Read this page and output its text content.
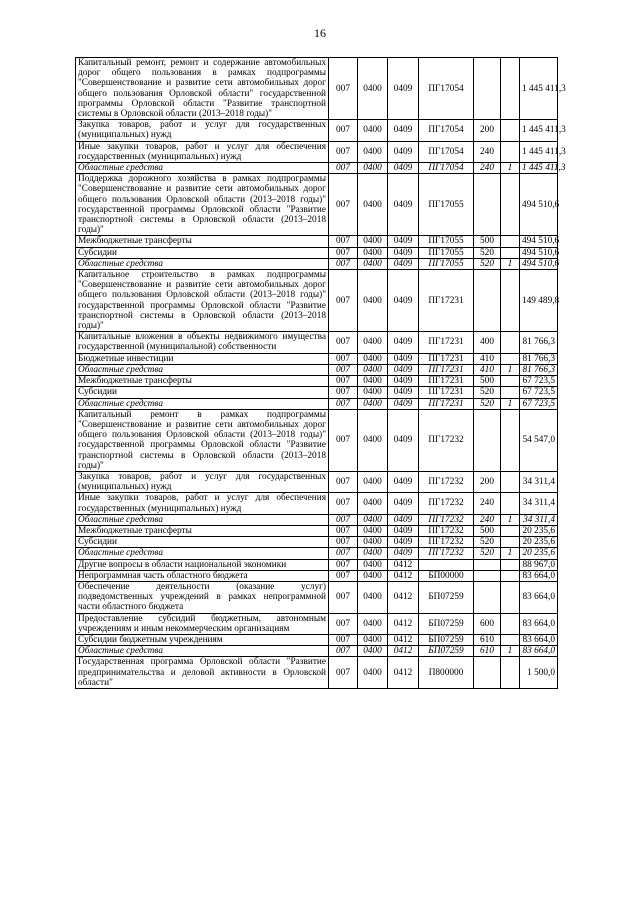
16
Капитальный ремонт, ремонт и содержание автомобильных дорог общего пользования в рамках подпрограммы "Совершенствование и развитие сети автомобильных дорог общего пользования Орловской области" государственной программы Орловской области "Развитие транспортной системы в Орловской области (2013–2018 годы)"	007	0400	0409	ПГ17054			1 445 411,3
Закупка товаров, работ и услуг для государственных (муниципальных) нужд	007	0400	0409	ПГ17054	200		1 445 411,3
Иные закупки товаров, работ и услуг для обеспечения государственных (муниципальных) нужд	007	0400	0409	ПГ17054	240		1 445 411,3
Областные средства	007	0400	0409	ПГ17054	240	1	1 445 411,3
Поддержка дорожного хозяйства в рамках подпрограммы "Совершенствование и развитие сети автомобильных дорог общего пользования Орловской области (2013–2018 годы)" государственной программы Орловской области "Развитие транспортной системы в Орловской области (2013–2018 годы)"	007	0400	0409	ПГ17055			494 510,6
Межбюджетные трансферты	007	0400	0409	ПГ17055	500		494 510,6
Субсидии	007	0400	0409	ПГ17055	520		494 510,6
Областные средства	007	0400	0409	ПГ17055	520	1	494 510,6
Капитальное строительство в рамках подпрограммы "Совершенствование и развитие сети автомобильных дорог общего пользования Орловской области (2013–2018 годы)" государственной программы Орловской области "Развитие транспортной системы в Орловской области (2013–2018 годы)"	007	0400	0409	ПГ17231			149 489,8
Капитальные вложения в объекты недвижимого имущества государственной (муниципальной) собственности	007	0400	0409	ПГ17231	400		81 766,3
Бюджетные инвестиции	007	0400	0409	ПГ17231	410		81 766,3
Областные средства	007	0400	0409	ПГ17231	410	1	81 766,3
Межбюджетные трансферты	007	0400	0409	ПГ17231	500		67 723,5
Субсидии	007	0400	0409	ПГ17231	520		67 723,5
Областные средства	007	0400	0409	ПГ17231	520	1	67 723,5
Капитальный ремонт в рамках подпрограммы "Совершенствование и развитие сети автомобильных дорог общего пользования Орловской области (2013–2018 годы)" государственной программы Орловской области "Развитие транспортной системы в Орловской области (2013–2018 годы)"	007	0400	0409	ПГ17232			54 547,0
Закупка товаров, работ и услуг для государственных (муниципальных) нужд	007	0400	0409	ПГ17232	200		34 311,4
Иные закупки товаров, работ и услуг для обеспечения государственных (муниципальных) нужд	007	0400	0409	ПГ17232	240		34 311,4
Областные средства	007	0400	0409	ПГ17232	240	1	34 311,4
Межбюджетные трансферты	007	0400	0409	ПГ17232	500		20 235,6
Субсидии	007	0400	0409	ПГ17232	520		20 235,6
Областные средства	007	0400	0409	ПГ17232	520	1	20 235,6
Другие вопросы в области национальной экономики	007	0400	0412				88 967,0
Непрограммная часть областного бюджета	007	0400	0412	БП00000			83 664,0
Обеспечение деятельности (оказание услуг) подведомственных учреждений в рамках непрограммной части областного бюджета	007	0400	0412	БП07259			83 664,0
Предоставление субсидий бюджетным, автономным учреждениям и иным некоммерческим организациям	007	0400	0412	БП07259	600		83 664,0
Субсидии бюджетным учреждениям	007	0400	0412	БП07259	610		83 664,0
Областные средства	007	0400	0412	БП07259	610	1	83 664,0
Государственная программа Орловской области "Развитие предпринимательства и деловой активности в Орловской области"	007	0400	0412	П800000			1 500,0
